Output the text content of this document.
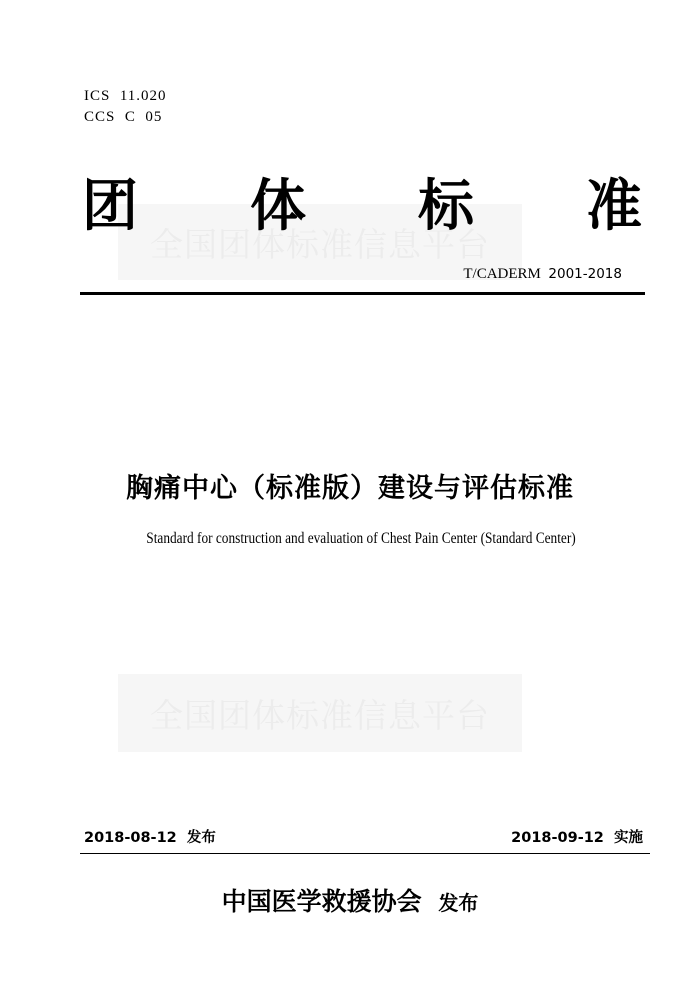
ICS 11.020
CCS C  05
全国团体标准信息平台
团 体 标 准
T/CADERM 2001-2018
胸痛中心（标准版）建设与评估标准
Standard for construction and evaluation of Chest Pain Center (Standard Center)
全国团体标准信息平台
2018-08-12 发布	2018-09-12 实施
中国医学救援协会 发布
